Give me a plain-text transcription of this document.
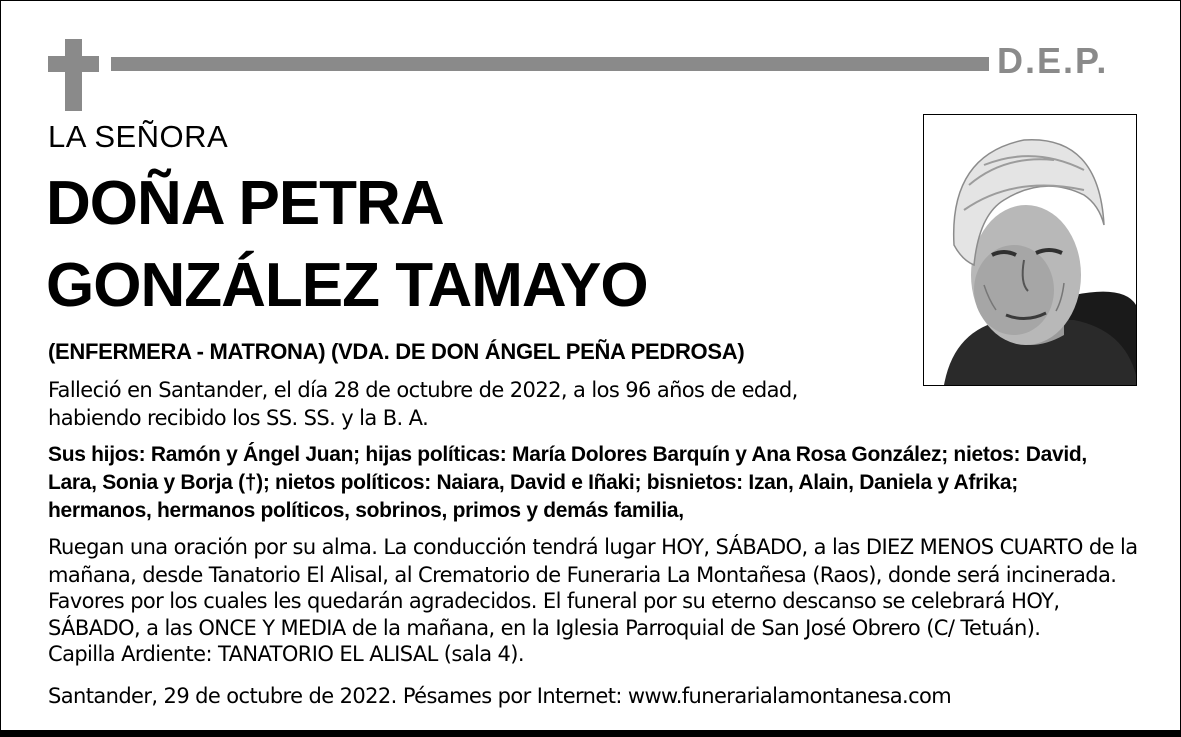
D.E.P.
LA SEÑORA
DOÑA PETRA
GONZÁLEZ TAMAYO
(ENFERMERA - MATRONA) (VDA. DE DON ÁNGEL PEÑA PEDROSA)
Falleció en Santander, el día 28 de octubre de 2022, a los 96 años de edad,
habiendo recibido los SS. SS. y la B. A.
Sus hijos: Ramón y Ángel Juan; hijas políticas: María Dolores Barquín y Ana Rosa González; nietos: David,
Lara, Sonia y Borja (†); nietos políticos: Naiara, David e Iñaki; bisnietos: Izan, Alain, Daniela y Afrika;
hermanos, hermanos políticos, sobrinos, primos y demás familia,
Ruegan una oración por su alma. La conducción tendrá lugar HOY, SÁBADO, a las DIEZ MENOS CUARTO de la
mañana, desde Tanatorio El Alisal, al Crematorio de Funeraria La Montañesa (Raos), donde será incinerada.
Favores por los cuales les quedarán agradecidos. El funeral por su eterno descanso se celebrará HOY,
SÁBADO, a las ONCE Y MEDIA de la mañana, en la Iglesia Parroquial de San José Obrero (C/ Tetuán).
Capilla Ardiente: TANATORIO EL ALISAL (sala 4).
Santander, 29 de octubre de 2022. Pésames por Internet: www.funerarialamontanesa.com
